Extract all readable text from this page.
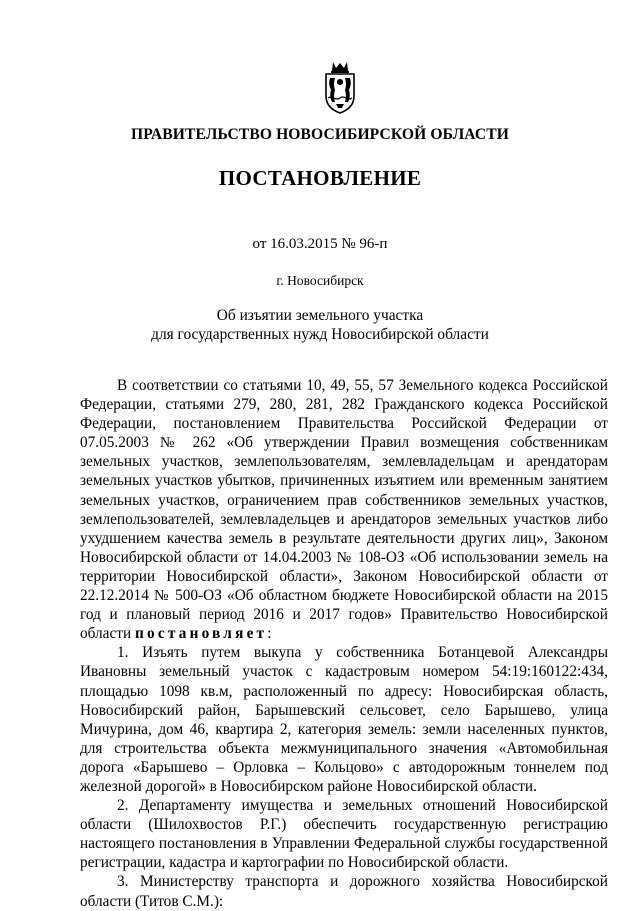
ПРАВИТЕЛЬСТВО НОВОСИБИРСКОЙ ОБЛАСТИ
ПОСТАНОВЛЕНИЕ
от 16.03.2015 № 96-п
г. Новосибирск
Об изъятии земельного участка
для государственных нужд Новосибирской области

В соответствии со статьями 10, 49, 55, 57 Земельного кодекса Российской Федерации, статьями 279, 280, 281, 282 Гражданского кодекса Российской Федерации, постановлением Правительства Российской Федерации от 07.05.2003 № 262 «Об утверждении Правил возмещения собственникам земельных участков, землепользователям, землевладельцам и арендаторам земельных участков убытков, причиненных изъятием или временным занятием земельных участков, ограничением прав собственников земельных участков, землепользователей, землевладельцев и арендаторов земельных участков либо ухудшением качества земель в результате деятельности других лиц», Законом Новосибирской области от 14.04.2003 № 108-ОЗ «Об использовании земель на территории Новосибирской области», Законом Новосибирской области от 22.12.2014 № 500-ОЗ «Об областном бюджете Новосибирской области на 2015 год и плановый период 2016 и 2017 годов» Правительство Новосибирской области постановляет:

1. Изъять путем выкупа у собственника Ботанцевой Александры Ивановны земельный участок с кадастровым номером 54:19:160122:434, площадью 1098 кв.м, расположенный по адресу: Новосибирская область, Новосибирский район, Барышевский сельсовет, село Барышево, улица Мичурина, дом 46, квартира 2, категория земель: земли населенных пунктов, для строительства объекта межмуниципального значения «Автомобильная дорога «Барышево – Орловка – Кольцово» с автодорожным тоннелем под железной дорогой» в Новосибирском районе Новосибирской области.

2. Департаменту имущества и земельных отношений Новосибирской области (Шилохвостов Р.Г.) обеспечить государственную регистрацию настоящего постановления в Управлении Федеральной службы государственной регистрации, кадастра и картографии по Новосибирской области.

3. Министерству транспорта и дорожного хозяйства Новосибирской области (Титов С.М.):
